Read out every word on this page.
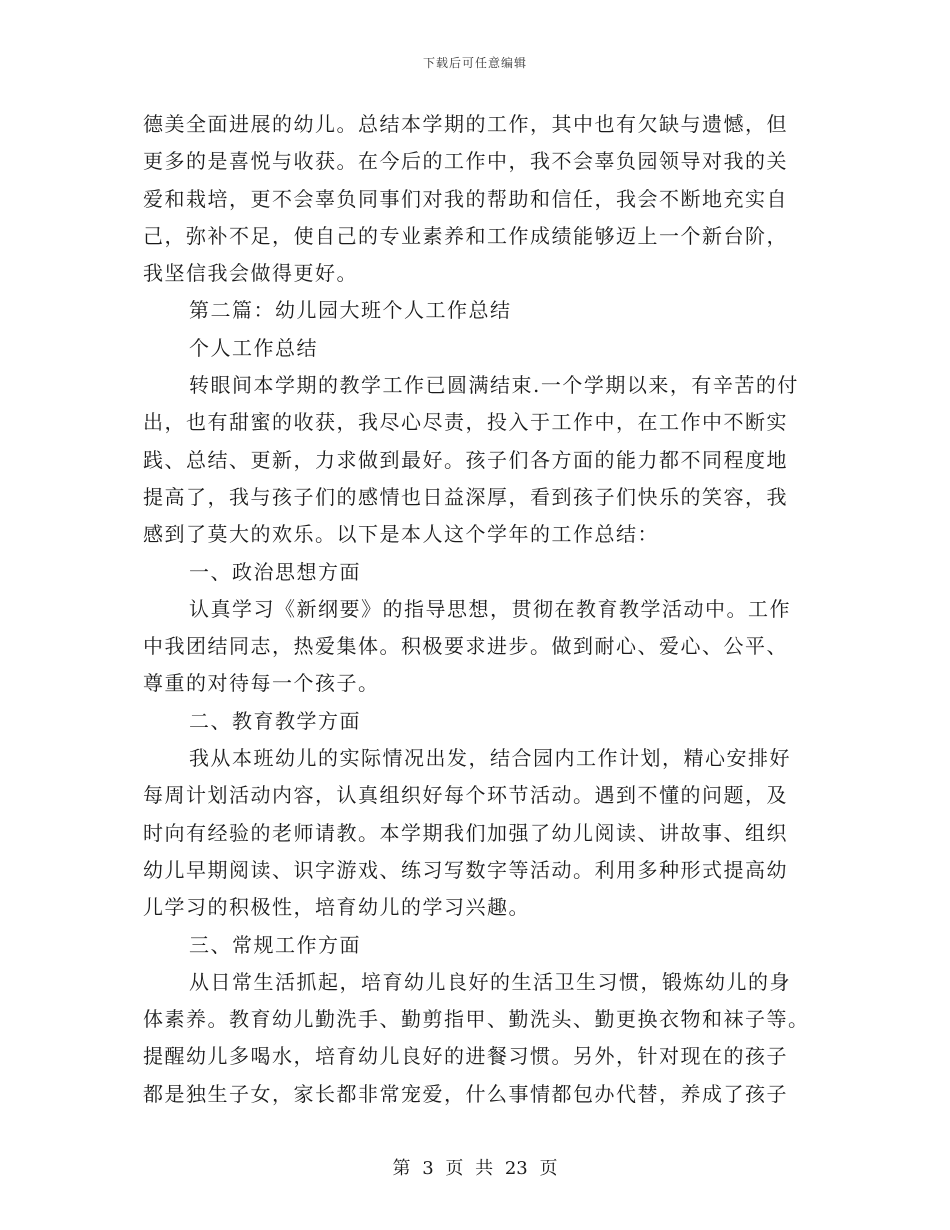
下载后可任意编辑
德美全面进展的幼儿。总结本学期的工作，其中也有欠缺与遗憾，但
更多的是喜悦与收获。在今后的工作中，我不会辜负园领导对我的关
爱和栽培，更不会辜负同事们对我的帮助和信任，我会不断地充实自
己，弥补不足，使自己的专业素养和工作成绩能够迈上一个新台阶，
我坚信我会做得更好。
第二篇：幼儿园大班个人工作总结
个人工作总结
转眼间本学期的教学工作已圆满结束.一个学期以来，有辛苦的付
出，也有甜蜜的收获，我尽心尽责，投入于工作中，在工作中不断实
践、总结、更新，力求做到最好。孩子们各方面的能力都不同程度地
提高了，我与孩子们的感情也日益深厚，看到孩子们快乐的笑容，我
感到了莫大的欢乐。以下是本人这个学年的工作总结：
一、政治思想方面
认真学习《新纲要》的指导思想，贯彻在教育教学活动中。工作
中我团结同志，热爱集体。积极要求进步。做到耐心、爱心、公平、
尊重的对待每一个孩子。
二、教育教学方面
我从本班幼儿的实际情况出发，结合园内工作计划，精心安排好
每周计划活动内容，认真组织好每个环节活动。遇到不懂的问题，及
时向有经验的老师请教。本学期我们加强了幼儿阅读、讲故事、组织
幼儿早期阅读、识字游戏、练习写数字等活动。利用多种形式提高幼
儿学习的积极性，培育幼儿的学习兴趣。
三、常规工作方面
从日常生活抓起，培育幼儿良好的生活卫生习惯，锻炼幼儿的身
体素养。教育幼儿勤洗手、勤剪指甲、勤洗头、勤更换衣物和袜子等。
提醒幼儿多喝水，培育幼儿良好的进餐习惯。另外，针对现在的孩子
都是独生子女，家长都非常宠爱，什么事情都包办代替，养成了孩子
第 3 页 共 23 页
